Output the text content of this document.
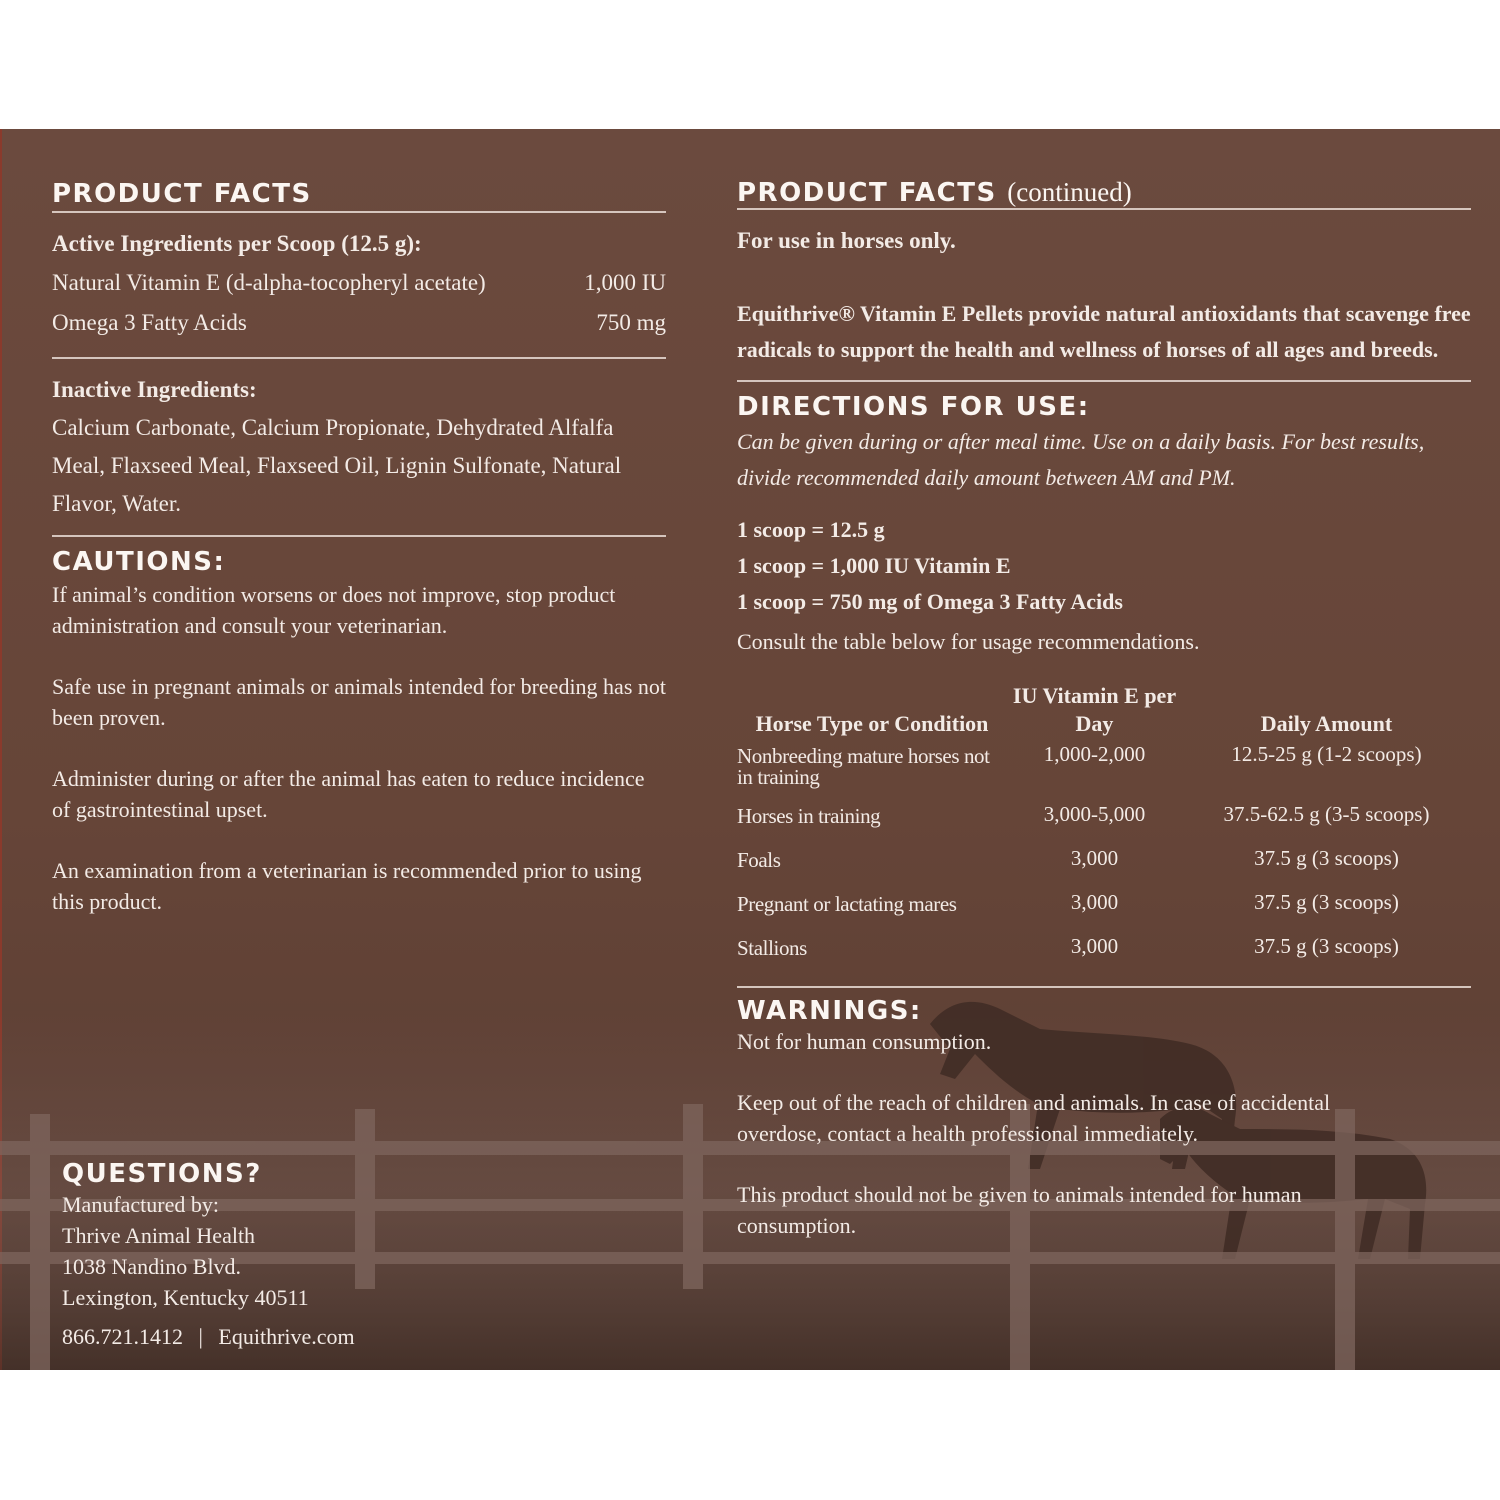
PRODUCT FACTS
Active Ingredients per Scoop (12.5 g):
Natural Vitamin E (d-alpha-tocopheryl acetate)	1,000 IU
Omega 3 Fatty Acids	750 mg
Inactive Ingredients:
Calcium Carbonate, Calcium Propionate, Dehydrated Alfalfa Meal, Flaxseed Meal, Flaxseed Oil, Lignin Sulfonate, Natural Flavor, Water.
CAUTIONS:
If animal’s condition worsens or does not improve, stop product administration and consult your veterinarian.
Safe use in pregnant animals or animals intended for breeding has not been proven.
Administer during or after the animal has eaten to reduce incidence of gastrointestinal upset.
An examination from a veterinarian is recommended prior to using this product.
QUESTIONS?
Manufactured by:
Thrive Animal Health
1038 Nandino Blvd.
Lexington, Kentucky 40511
866.721.1412 | Equithrive.com
PRODUCT FACTS (continued)
For use in horses only.
Equithrive® Vitamin E Pellets provide natural antioxidants that scavenge free radicals to support the health and wellness of horses of all ages and breeds.
DIRECTIONS FOR USE:
Can be given during or after meal time. Use on a daily basis. For best results, divide recommended daily amount between AM and PM.
1 scoop = 12.5 g
1 scoop = 1,000 IU Vitamin E
1 scoop = 750 mg of Omega 3 Fatty Acids
Consult the table below for usage recommendations.
Horse Type or Condition	IU Vitamin E per Day	Daily Amount
Nonbreeding mature horses not in training	1,000-2,000	12.5-25 g (1-2 scoops)
Horses in training	3,000-5,000	37.5-62.5 g (3-5 scoops)
Foals	3,000	37.5 g (3 scoops)
Pregnant or lactating mares	3,000	37.5 g (3 scoops)
Stallions	3,000	37.5 g (3 scoops)
WARNINGS:
Not for human consumption.
Keep out of the reach of children and animals. In case of accidental overdose, contact a health professional immediately.
This product should not be given to animals intended for human consumption.
